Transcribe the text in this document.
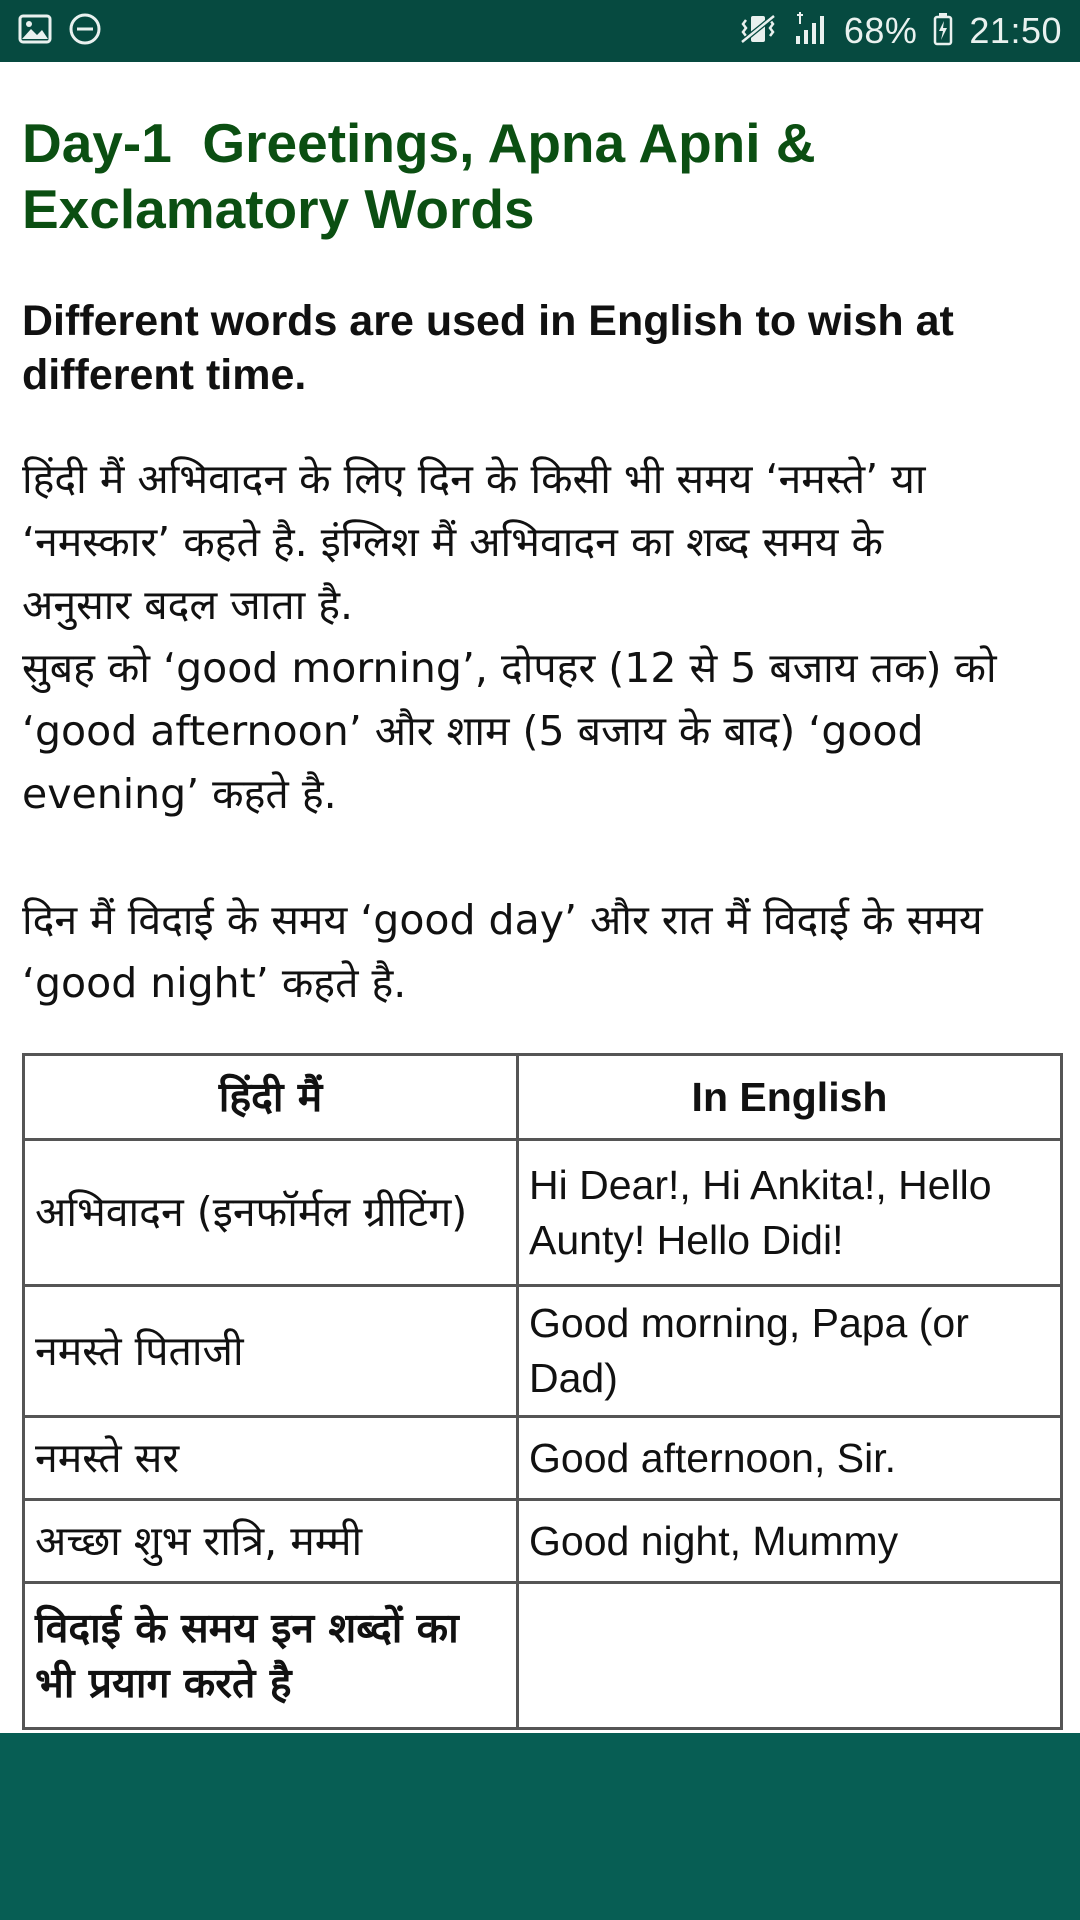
68% 21:50
Day-1  Greetings, Apna Apni &
Exclamatory Words

Different words are used in English to wish at
different time.

हिंदी मैं अभिवादन के लिए दिन के किसी भी समय ‘नमस्ते’ या
‘नमस्कार’ कहते है. इंग्लिश मैं अभिवादन का शब्द समय के
अनुसार बदल जाता है.
सुबह को ‘good morning’, दोपहर (12 से 5 बजाय तक) को
‘good afternoon’ और शाम (5 बजाय के बाद) ‘good
evening’ कहते है.

दिन मैं विदाई के समय ‘good day’ और रात मैं विदाई के समय
‘good night’ कहते है.

हिंदी मैं	In English
अभिवादन (इनफॉर्मल ग्रीटिंग)	Hi Dear!, Hi Ankita!, Hello Aunty! Hello Didi!
नमस्ते पिताजी	Good morning, Papa (or Dad)
नमस्ते सर	Good afternoon, Sir.
अच्छा शुभ रात्रि, मम्मी	Good night, Mummy
विदाई के समय इन शब्दों का भी प्रयाग करते है	
